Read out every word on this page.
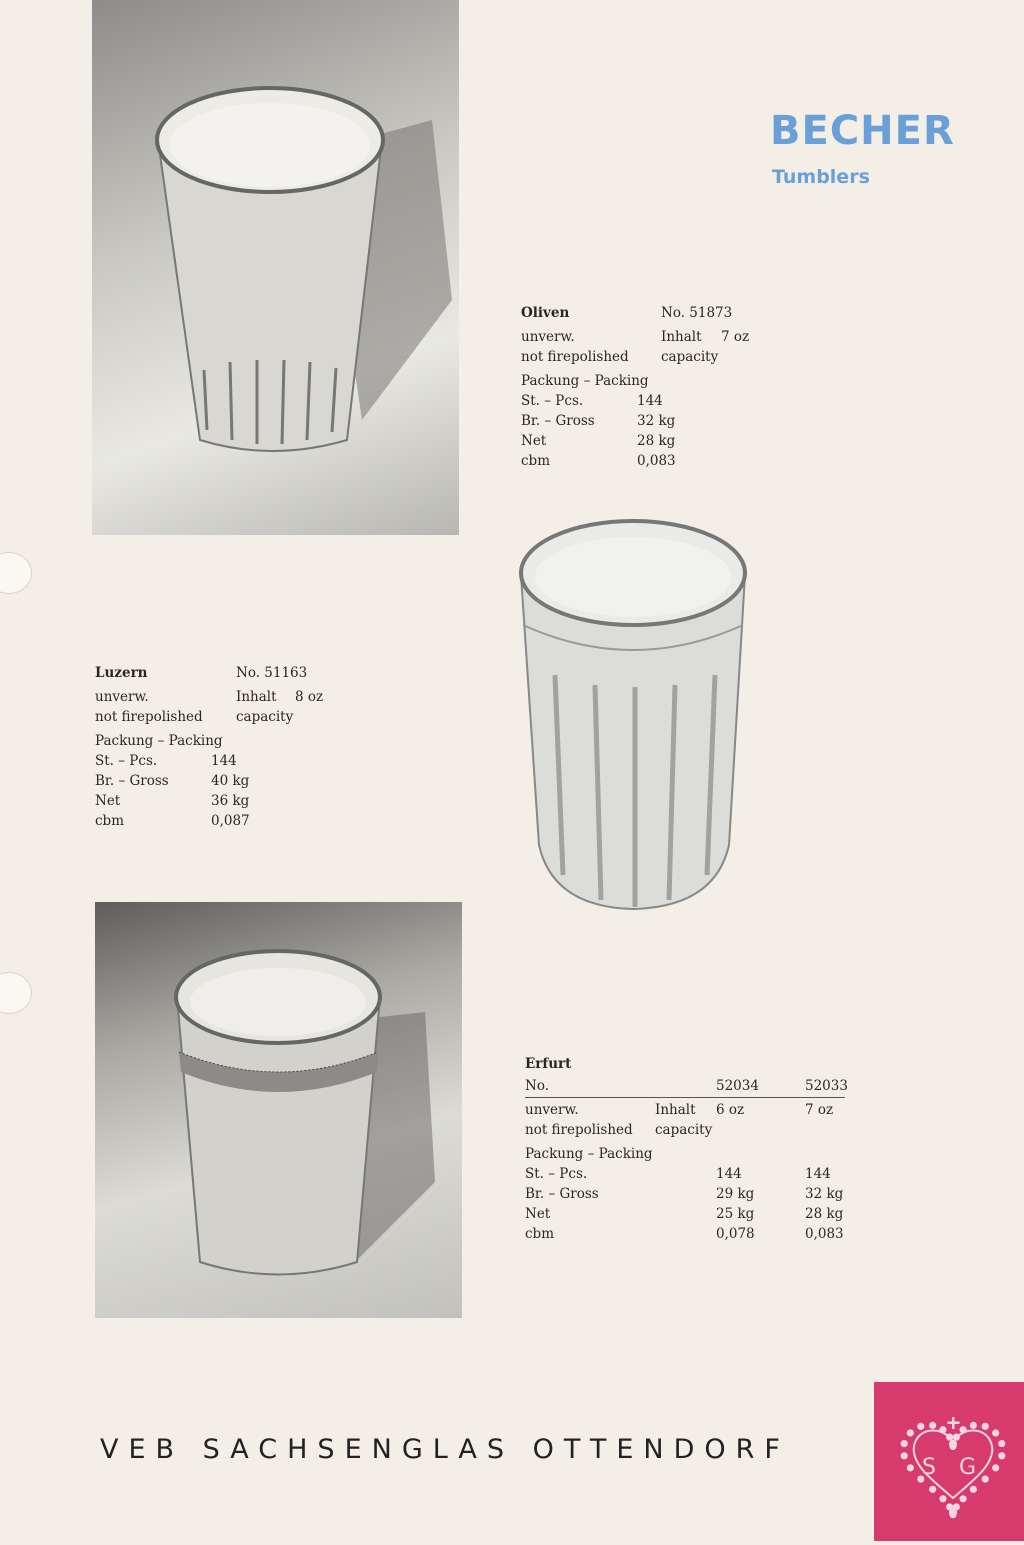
BECHER
Tumblers
Oliven	No. 51873
unverw.	Inhalt 7 oz
not firepolished capacity
Packung – Packing
St. – Pcs.	144
Br. – Gross	32 kg
Net	28 kg
cbm	0,083
Luzern	No. 51163
unverw.	Inhalt 8 oz
not firepolished capacity
Packung – Packing
St. – Pcs.	144
Br. – Gross	40 kg
Net	36 kg
cbm	0,087
Erfurt
No.	52034	52033
unverw.	Inhalt 6 oz	7 oz
not firepolished capacity
Packung – Packing
St. – Pcs.	144	144
Br. – Gross	29 kg	32 kg
Net	25 kg	28 kg
cbm	0,078	0,083
VEB SACHSENGLAS OTTENDORF
S G
